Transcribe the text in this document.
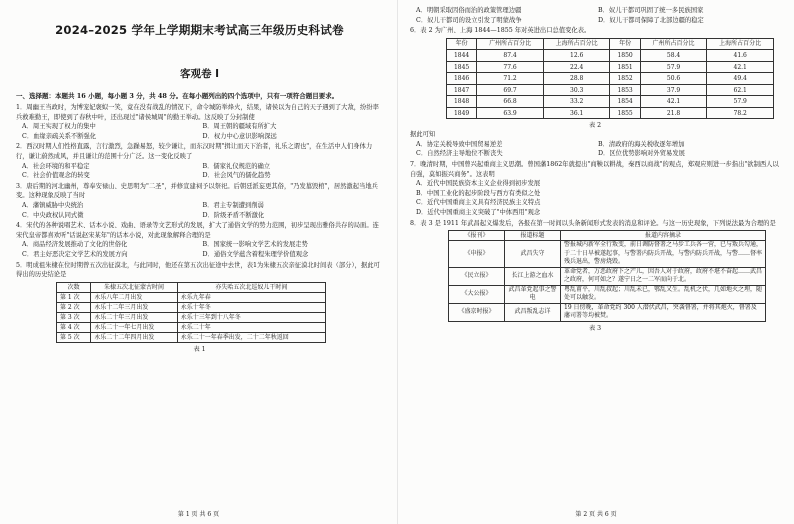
2024–2025 学年上学期期末考试高三年级历史科试卷
客观卷 I
一、选择题：本题共 16 小题，每小题 3 分，共 48 分。在每小题列出的四个选项中，只有一项符合题目要求。
1．周幽王当政时，为博宠妃褒姒一笑，竟在没有战乱的情况下，命令城防举烽火，结果，诸侯以为自己的天子遇到了大敌，纷纷率兵救难勤王，即使到了春秋中叶，还出现过"诸侯城周"的勤王举动。这反映了分封制使
A．周王实现了权力的集中	B．周王朝的疆域有所扩大
C．血缘亲疏关系不断强化	D．权力中心意识影响深远
2．西汉时期人们性格直露，言行激烈，急躁易怒，较少谦让，而东汉时期"揖让而天下治者，礼乐之谓也"，在生活中人们身体力行，谦让蔚然成风，并且谦让的范围十分广泛。这一变化反映了
A．社会环境的和平稳定	B．儒家礼仪规范的确立
C．社会价值观念的转变	D．社会风气的儒化趋势
3．唐后期的河北幽州，尊奉安禄山、史思明为"二圣"，并修宣建祠予以祭祀。后朝廷派妄更其俗，"乃发墓毁棺"，居然激起当地兵变。这种现象反映了当时
A．藩镇威胁中央统治	B．君主专制遭到削弱
C．中央政权认同式微	D．阶级矛盾不断激化
4．宋代的各种说唱艺术、话本小说、戏曲、语录等文艺形式的发展，扩大了通俗文学的势力范围，初步呈现出雅俗共存的局面。连宋代皇帝都喜欢听"话说赵宋某年"的话本小说，对此现象解释合理的是
A．商品经济发展推动了文化的世俗化	B．国家统一影响文学艺术的发展走势
C．君主好恶决定文学艺术的发展方向	D．通俗文学蕴含着程朱理学价值观念
5．明成祖朱棣在位时期曾五次出征漠北，与此同时，他还在第五次出征途中去世，表1为朱棣五次亲征漠北时间表（部分），据此可得出的历史结论是
次数	朱棣五次北征蒙古时间	亦失哈五次北巡奴儿干时间
第 1 次	永乐八年二月出发	永乐九年春
第 2 次	永乐十二年三月出发	永乐十年冬
第 3 次	永乐二十年三月出发	永乐十三年到十八年冬
第 4 次	永乐二十一年七月出发	永乐二十年
第 5 次	永乐二十二年四月出发	永乐二十一年春季出发，二十二年秋返回
表 1
第 1 页 共 6 页
A．明朝采取因俗而治的政策管理边疆	B．奴儿干都司巩固了统一多民族国家
C．奴儿干都司的设立引发了明蒙战争	D．奴儿干都司保障了北部边疆的稳定
6．表 2 为广州、上海 1844—1855 年对英进出口总值变化表。
年份	广州所占百分比	上海所占百分比	年份	广州所占百分比	上海所占百分比
1844	87.4	12.6	1850	58.4	41.6
1845	77.6	22.4	1851	57.9	42.1
1846	71.2	28.8	1852	50.6	49.4
1847	69.7	30.3	1853	37.9	62.1
1848	66.8	33.2	1854	42.1	57.9
1849	63.9	36.1	1855	21.8	78.2
表 2
据此可知
A．协定关税导致中国贸易逆差	B．清政府的海关税收逐年增加
C．自然经济主导地位不断丧失	D．区位优势影响对外贸易发展
7．晚清时期，中国曾兴起重商主义思潮。曾国藩1862年就提出"商鞅以耕战，秦西以商战"的观点，郑观应则进一步指出"欲制西人以自强，莫如振兴商务"。这表明
A．近代中国民族资本主义企业得到初步发展
B．中国工业化的起步阶段与西方有类似之处
C．近代中国重商主义具有经济民族主义特点
D．近代中国重商主义突破了"中体西用"观念
8．表 3 是 1911 年武昌起义爆发后，各报在第一时间以头条新闻形式发表的消息和评论。与这一历史现象，下列说法最为合理的是
《报刊》	报道标题	报道内容摘录
《申报》	武昌失守	警报城内新军全行叛变，前日调防督署之马步工兵各一营，已与叛兵勾通，于二十日早被遂起事，与警署内防兵开战，与警内防兵开战，与警……督率残兵退出，警房烧毁。
《民立报》	长江上游之血水	革命党者，万恶政府下之产儿，因吾人对于政府，政府不堪不奋起……武昌之政府，何可如之？遂宁日之一二军而向于北。
《大公报》	武昌革党起事之警电	粤乱甫平，川乱叔起；川乱未已，鄂乱又生。乱机之伏，几如地火之埋，随处可以触发。
《盛京时报》	武昌叛乱志详	19 日傍晚，革命党约 300 人潜伏武昌，突袭督署，并将其炮火，督署及藩司署等均被焚。
表 3
第 2 页 共 6 页
